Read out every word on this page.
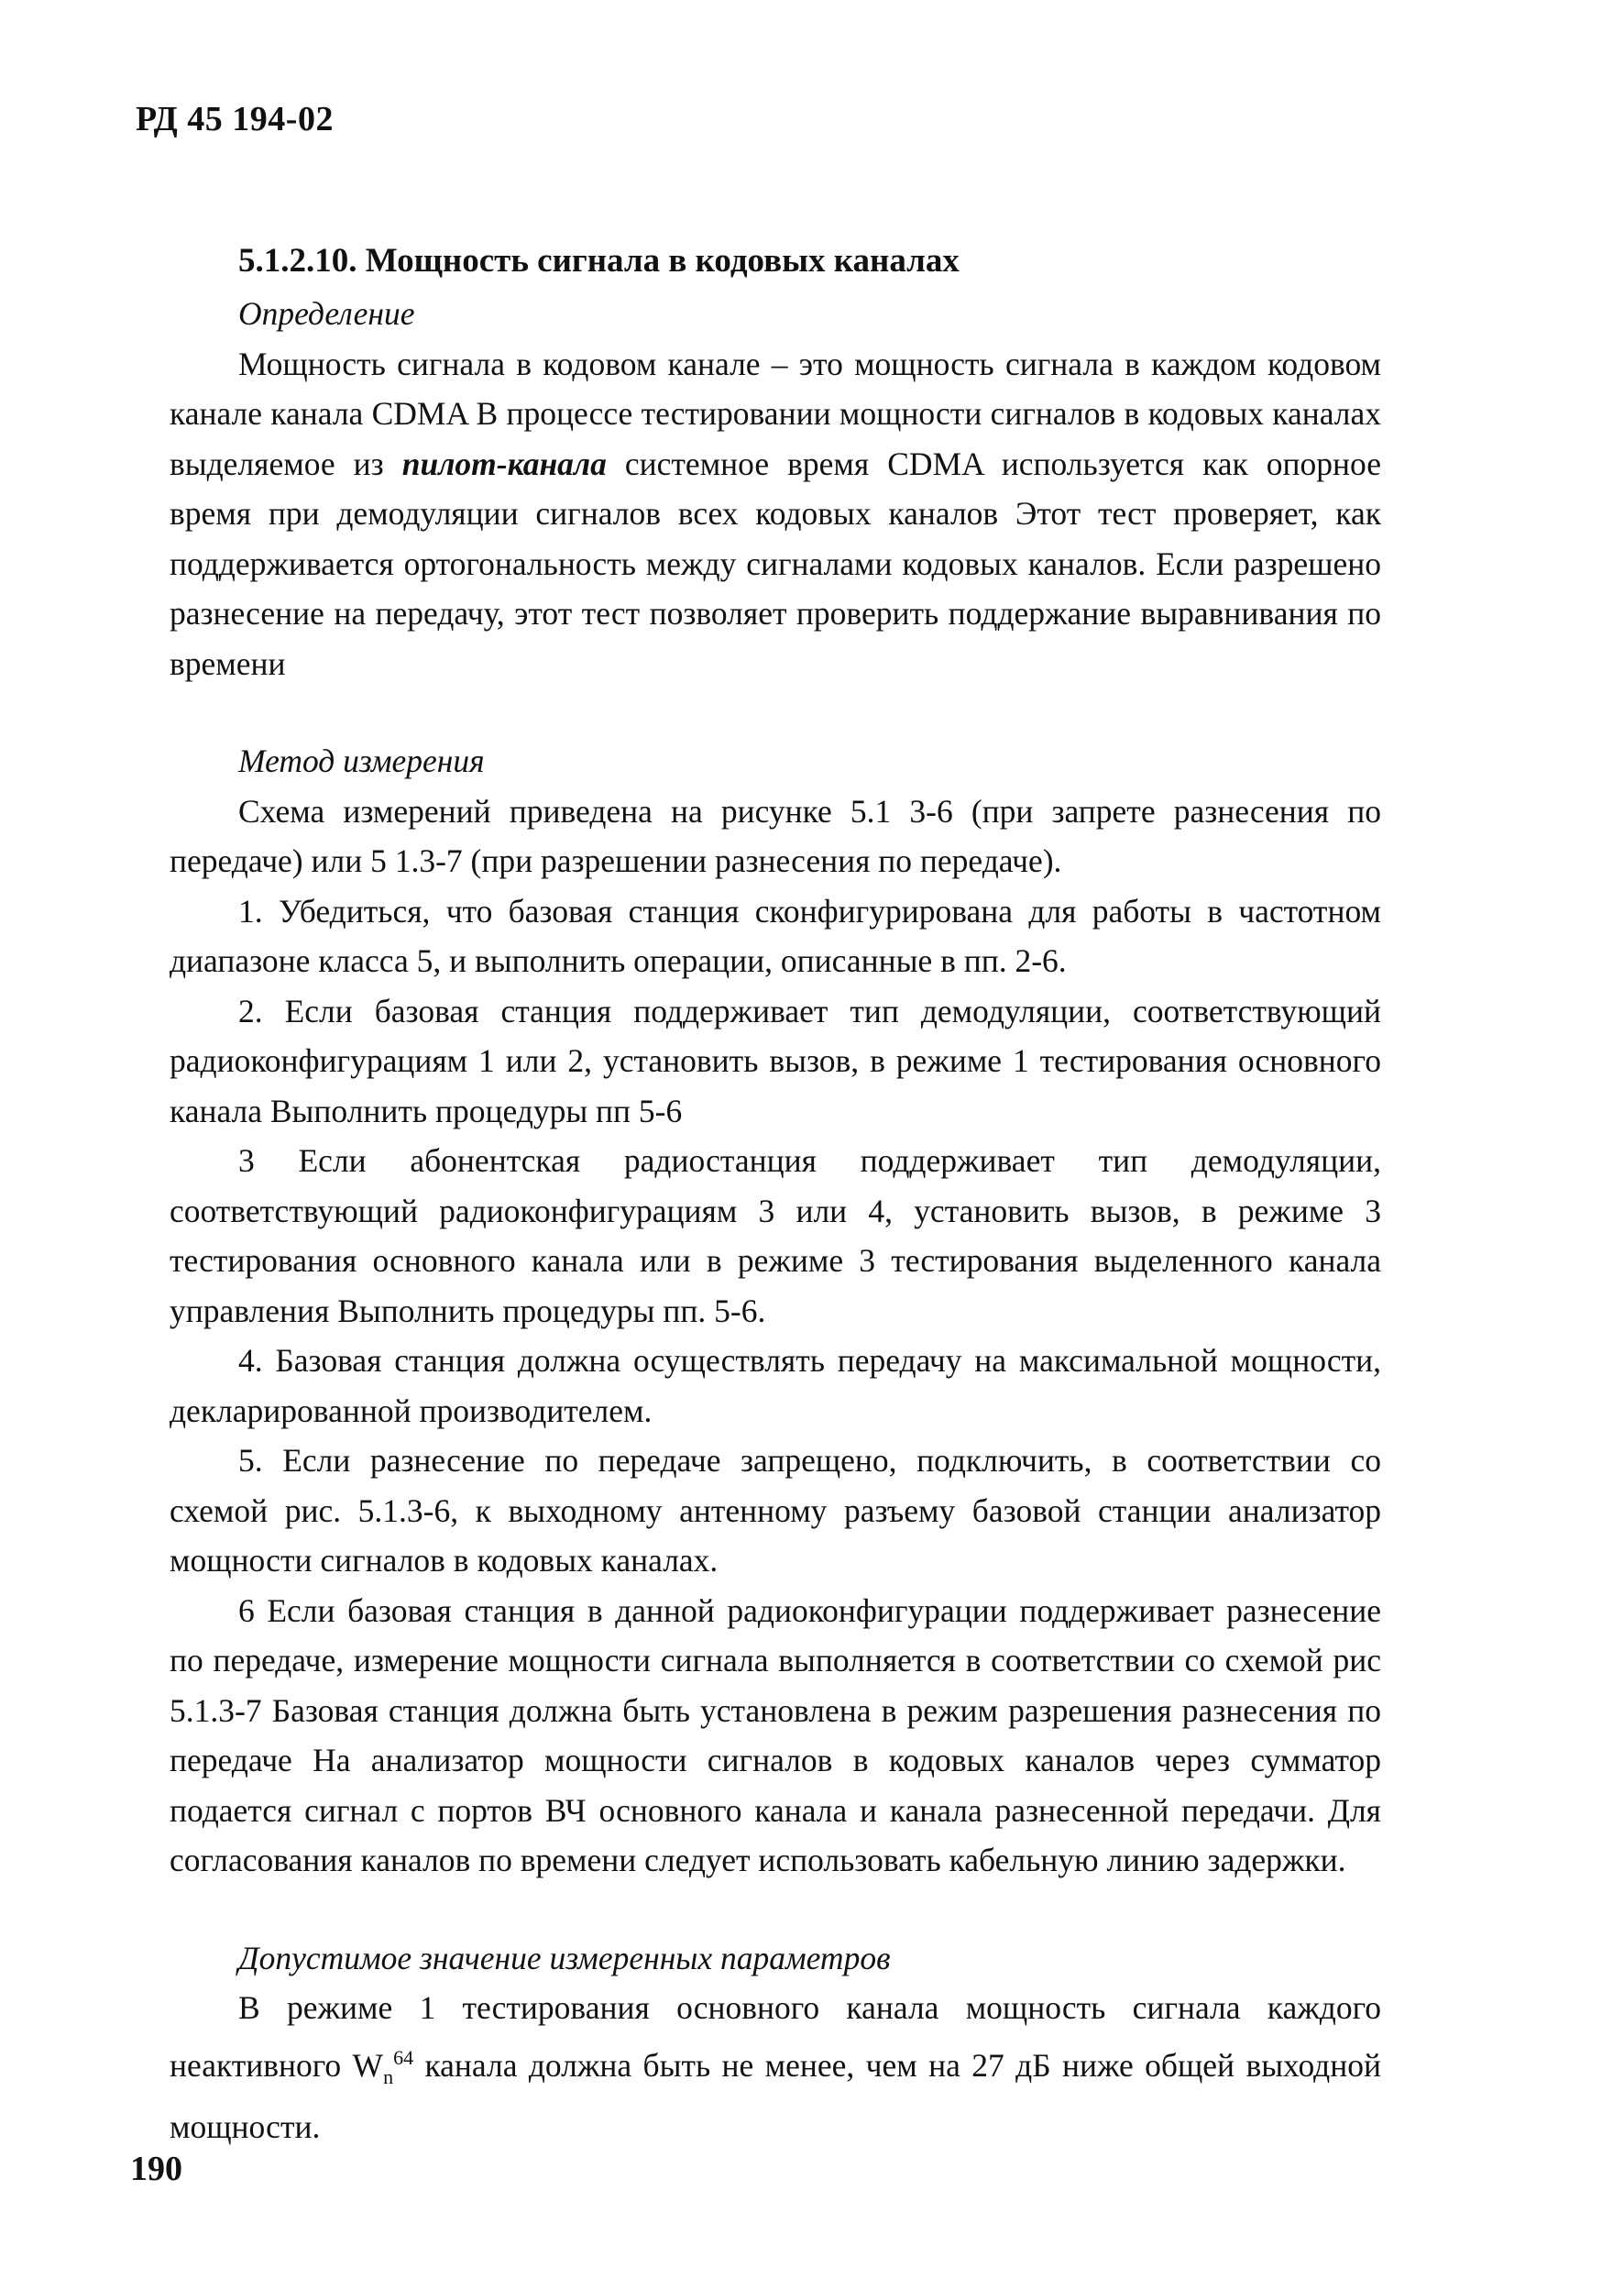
РД 45 194-02
5.1.2.10. Мощность сигнала в кодовых каналах
Определение

Мощность сигнала в кодовом канале – это мощность сигнала в каждом кодовом канале канала CDMA В процессе тестировании мощности сигналов в кодовых каналах выделяемое из пилот-канала системное время CDMA используется как опорное время при демодуляции сигналов всех кодовых каналов Этот тест проверяет, как поддерживается ортогональность между сигналами кодовых каналов. Если разрешено разнесение на передачу, этот тест позволяет проверить поддержание выравнивания по времени

Метод измерения

Схема измерений приведена на рисунке 5.1 3-6 (при запрете разнесения по передаче) или 5 1.3-7 (при разрешении разнесения по передаче).

1. Убедиться, что базовая станция сконфигурирована для работы в частотном диапазоне класса 5, и выполнить операции, описанные в пп. 2-6.

2. Если базовая станция поддерживает тип демодуляции, соответствующий радиоконфигурациям 1 или 2, установить вызов, в режиме 1 тестирования основного канала Выполнить процедуры пп 5-6

3 Если абонентская радиостанция поддерживает тип демодуляции, соответствующий радиоконфигурациям 3 или 4, установить вызов, в режиме 3 тестирования основного канала или в режиме 3 тестирования выделенного канала управления Выполнить процедуры пп. 5-6.

4. Базовая станция должна осуществлять передачу на максимальной мощности, декларированной производителем.

5. Если разнесение по передаче запрещено, подключить, в соответствии со схемой рис. 5.1.3-6, к выходному антенному разъему базовой станции анализатор мощности сигналов в кодовых каналах.

6 Если базовая станция в данной радиоконфигурации поддерживает разнесение по передаче, измерение мощности сигнала выполняется в соответствии со схемой рис 5.1.3-7 Базовая станция должна быть установлена в режим разрешения разнесения по передаче На анализатор мощности сигналов в кодовых каналов через сумматор подается сигнал с портов ВЧ основного канала и канала разнесенной передачи. Для согласования каналов по времени следует использовать кабельную линию задержки.

Допустимое значение измеренных параметров

В режиме 1 тестирования основного канала мощность сигнала каждого неактивного $W_n^{64}$ канала должна быть не менее, чем на 27 дБ ниже общей выходной мощности.

190
